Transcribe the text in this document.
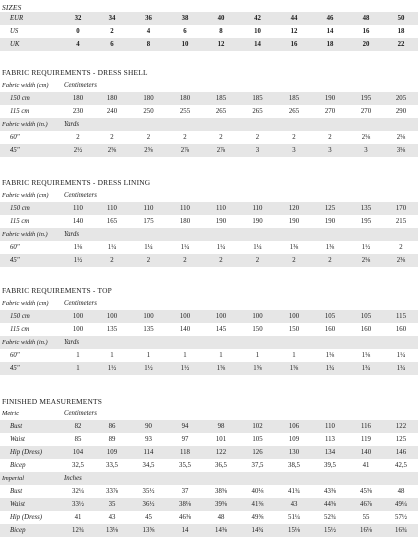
SIZES
EUR	32	34	36	38	40	42	44	46	48	50
US	0	2	4	6	8	10	12	14	16	18
UK	4	6	8	10	12	14	16	18	20	22
FABRIC REQUIREMENTS - DRESS SHELL
Fabric width (cm)	Centimeters									
150 cm	180	180	180	180	185	185	185	190	195	205
115 cm	230	240	250	255	265	265	265	270	270	290
Fabric width (in.)	Yards									
60"	2	2	2	2	2	2	2	2	2⅛	2⅛
45"	2½	2⅝	2⅝	2⅞	2⅞	3	3	3	3	3⅛
FABRIC REQUIREMENTS - DRESS LINING
Fabric width (cm)	Centimeters									
150 cm	110	110	110	110	110	110	120	125	135	170
115 cm	140	165	175	180	190	190	190	190	195	215
Fabric width (in.)	Yards									
60"	1⅛	1¼	1¼	1¼	1¼	1¼	1⅜	1⅜	1½	2
45"	1½	2	2	2	2	2	2	2	2⅛	2⅜
FABRIC REQUIREMENTS - TOP
Fabric width (cm)	Centimeters									
150 cm	100	100	100	100	100	100	100	105	105	115
115 cm	100	135	135	140	145	150	150	160	160	160
Fabric width (in.)	Yards									
60"	1	1	1	1	1	1	1	1⅛	1⅛	1¼
45"	1	1½	1½	1½	1⅝	1⅝	1⅝	1¾	1¾	1¾
FINISHED MEASUREMENTS
Metric	Centimeters									
Bust	82	86	90	94	98	102	106	110	116	122
Waist	85	89	93	97	101	105	109	113	119	125
Hip (Dress)	104	109	114	118	122	126	130	134	140	146
Bicep	32,5	33,5	34,5	35,5	36,5	37,5	38,5	39,5	41	42,5
Imperial	Inches									
Bust	32¼	33⅞	35½	37	38⅝	40⅛	41¾	43⅜	45⅝	48
Waist	33½	35	36½	38⅛	39⅝	41⅜	43	44⅝	46⅞	49¼
Hip (Dress)	41	43	45	46⅜	48	49⅝	51¼	52¾	55	57½
Bicep	12¾	13⅛	13⅝	14	14⅜	14¾	15⅛	15½	16⅛	16¾
